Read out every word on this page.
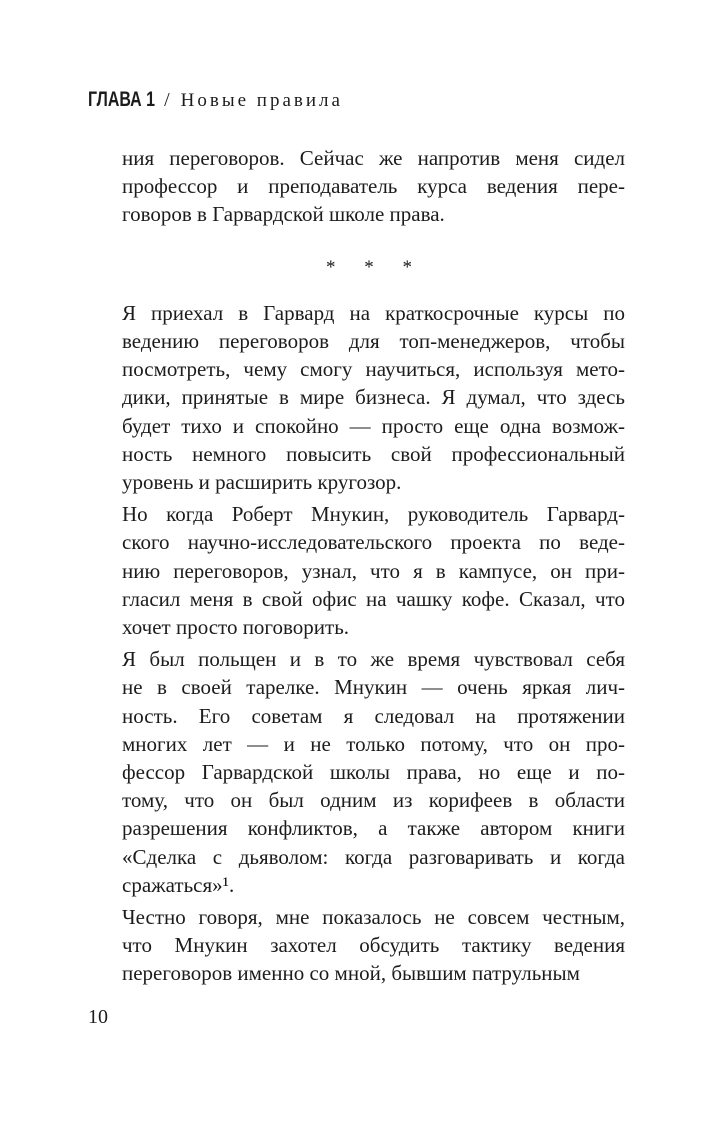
ГЛАВА 1 / Новые правила
ния переговоров. Сейчас же напротив меня сидел
профессор и преподаватель курса ведения пере-
говоров в Гарвардской школе права.
* * *
Я приехал в Гарвард на краткосрочные курсы по
ведению переговоров для топ-менеджеров, чтобы
посмотреть, чему смогу научиться, используя мето-
дики, принятые в мире бизнеса. Я думал, что здесь
будет тихо и спокойно — просто еще одна возмож-
ность немного повысить свой профессиональный
уровень и расширить кругозор.
Но когда Роберт Мнукин, руководитель Гарвард-
ского научно-исследовательского проекта по веде-
нию переговоров, узнал, что я в кампусе, он при-
гласил меня в свой офис на чашку кофе. Сказал, что
хочет просто поговорить.
Я был польщен и в то же время чувствовал себя
не в своей тарелке. Мнукин — очень яркая лич-
ность. Его советам я следовал на протяжении
многих лет — и не только потому, что он про-
фессор Гарвардской школы права, но еще и по-
тому, что он был одним из корифеев в области
разрешения конфликтов, а также автором книги
«Сделка с дьяволом: когда разговаривать и когда
сражаться»¹.
Честно говоря, мне показалось не совсем честным,
что Мнукин захотел обсудить тактику ведения
переговоров именно со мной, бывшим патрульным
10
